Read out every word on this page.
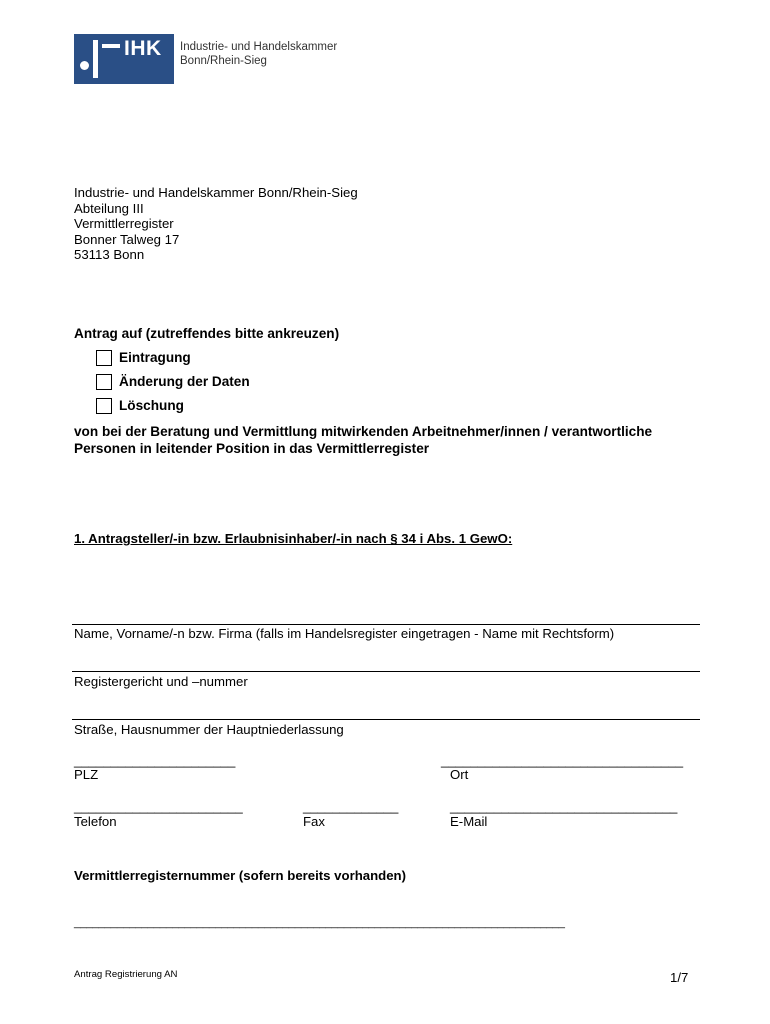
IHK Industrie- und Handelskammer
Bonn/Rhein-Sieg
Industrie- und Handelskammer Bonn/Rhein-Sieg
Abteilung III
Vermittlerregister
Bonner Talweg 17
53113 Bonn
Antrag auf (zutreffendes bitte ankreuzen)
Eintragung
Änderung der Daten
Löschung
von bei der Beratung und Vermittlung mitwirkenden Arbeitnehmer/innen / verantwortliche Personen in leitender Position in das Vermittlerregister
1. Antragsteller/-in bzw. Erlaubnisinhaber/-in nach § 34 i Abs. 1 GewO:
Name, Vorname/-n bzw. Firma (falls im Handelsregister eingetragen - Name mit Rechtsform)
Registergericht und –nummer
Straße, Hausnummer der Hauptniederlassung
______________________	_________________________________
PLZ	Ort
_______________________	_____________	_______________________________
Telefon	Fax	E-Mail
Vermittlerregisternummer (sofern bereits vorhanden)
________________________________________________________________________________
Antrag Registrierung AN	1/7
